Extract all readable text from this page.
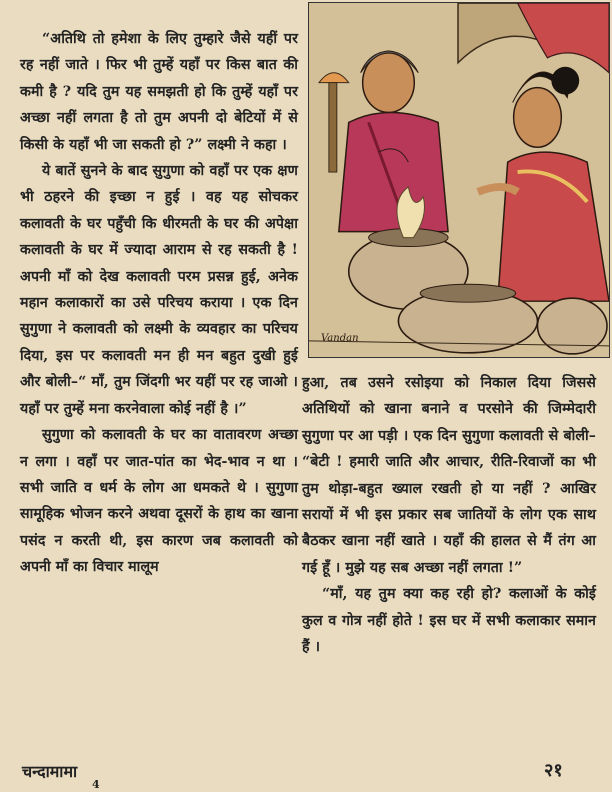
“अतिथि तो हमेशा के लिए तुम्हारे जैसे यहीं पर रह नहीं जाते । फिर भी तुम्हें यहाँ पर किस बात की कमी है ? यदि तुम यह समझती हो कि तुम्हें यहाँ पर अच्छा नहीं लगता है तो तुम अपनी दो बेटियों में से किसी के यहाँ भी जा सकती हो ?” लक्ष्मी ने कहा ।

ये बातें सुनने के बाद सुगुणा को वहाँ पर एक क्षण भी ठहरने की इच्छा न हुई । वह यह सोचकर कलावती के घर पहुँची कि धीरमती के घर की अपेक्षा कलावती के घर में ज्यादा आराम से रह सकती है ! अपनी माँ को देख कलावती परम प्रसन्न हुई, अनेक महान कलाकारों का उसे परिचय कराया । एक दिन सुगुणा ने कलावती को लक्ष्मी के व्यवहार का परिचय दिया, इस पर कलावती मन ही मन बहुत दुखी हुई और बोली–“ माँ, तुम जिंदगी भर यहीं पर रह जाओ । यहाँ पर तुम्हें मना करनेवाला कोई नहीं है ।”

सुगुणा को कलावती के घर का वातावरण अच्छा न लगा । वहाँ पर जात-पांत का भेद-भाव न था । सभी जाति व धर्म के लोग आ धमकते थे । सुगुणा सामूहिक भोजन करने अथवा दूसरों के हाथ का खाना पसंद न करती थी, इस कारण जब कलावती को अपनी माँ का विचार मालूम

Vandan

हुआ, तब उसने रसोइया को निकाल दिया जिससे अतिथियों को खाना बनाने व परसोने की जिम्मेदारी सुगुणा पर आ पड़ी । एक दिन सुगुणा कलावती से बोली– “बेटी ! हमारी जाति और आचार, रीति-रिवाजों का भी तुम थोड़ा-बहुत ख्याल रखती हो या नहीं ? आखिर सरायों में भी इस प्रकार सब जातियों के लोग एक साथ बैठकर खाना नहीं खाते । यहाँ की हालत से मैं तंग आ गई हूँ । मुझे यह सब अच्छा नहीं लगता !”

“माँ, यह तुम क्या कह रही हो? कलाओं के कोई कुल व गोत्र नहीं होते ! इस घर में सभी कलाकार समान हैं ।

चन्दामामा
4
२१
